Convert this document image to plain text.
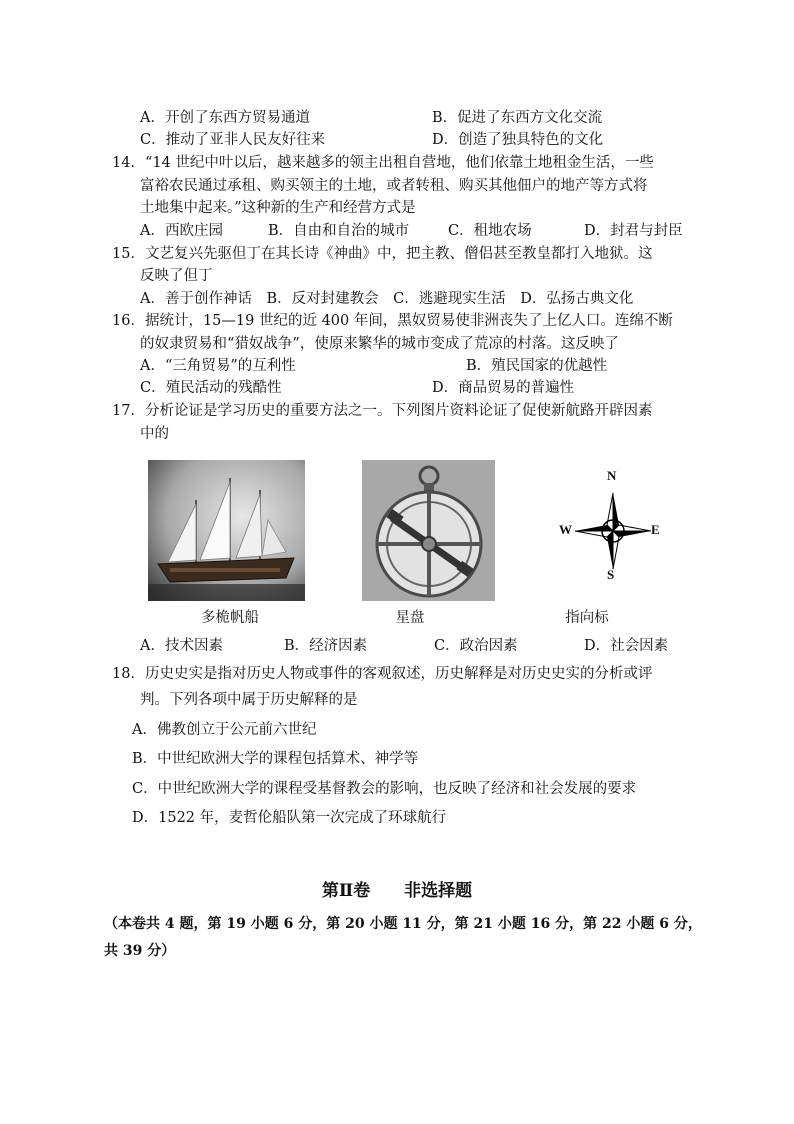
A．开创了东西方贸易通道	B．促进了东西方文化交流
C．推动了亚非人民友好往来	D．创造了独具特色的文化
14．“14 世纪中叶以后，越来越多的领主出租自营地，他们依靠土地租金生活，一些
富裕农民通过承租、购买领主的土地，或者转租、购买其他佃户的地产等方式将
土地集中起来。”这种新的生产和经营方式是
A．西欧庄园	B．自由和自治的城市	C．租地农场	D．封君与封臣
15．文艺复兴先驱但丁在其长诗《神曲》中，把主教、僧侣甚至教皇都打入地狱。这
反映了但丁
A．善于创作神话　B．反对封建教会　C．逃避现实生活　D．弘扬古典文化
16．据统计，15—19 世纪的近 400 年间，黑奴贸易使非洲丧失了上亿人口。连绵不断
的奴隶贸易和“猎奴战争”，使原来繁华的城市变成了荒凉的村落。这反映了
A．“三角贸易”的互利性	B．殖民国家的优越性
C．殖民活动的残酷性	D．商品贸易的普遍性
17．分析论证是学习历史的重要方法之一。下列图片资料论证了促使新航路开辟因素
中的
N
S
E
W
多桅帆船	星盘	指向标
A．技术因素	B．经济因素	C．政治因素	D．社会因素
18．历史史实是指对历史人物或事件的客观叙述，历史解释是对历史史实的分析或评
判。下列各项中属于历史解释的是
A．佛教创立于公元前六世纪
B．中世纪欧洲大学的课程包括算术、神学等
C．中世纪欧洲大学的课程受基督教会的影响，也反映了经济和社会发展的要求
D．1522 年，麦哲伦船队第一次完成了环球航行
第Ⅱ卷 非选择题
（本卷共 4 题，第 19 小题 6 分，第 20 小题 11 分，第 21 小题 16 分，第 22 小题 6 分，
共 39 分）
